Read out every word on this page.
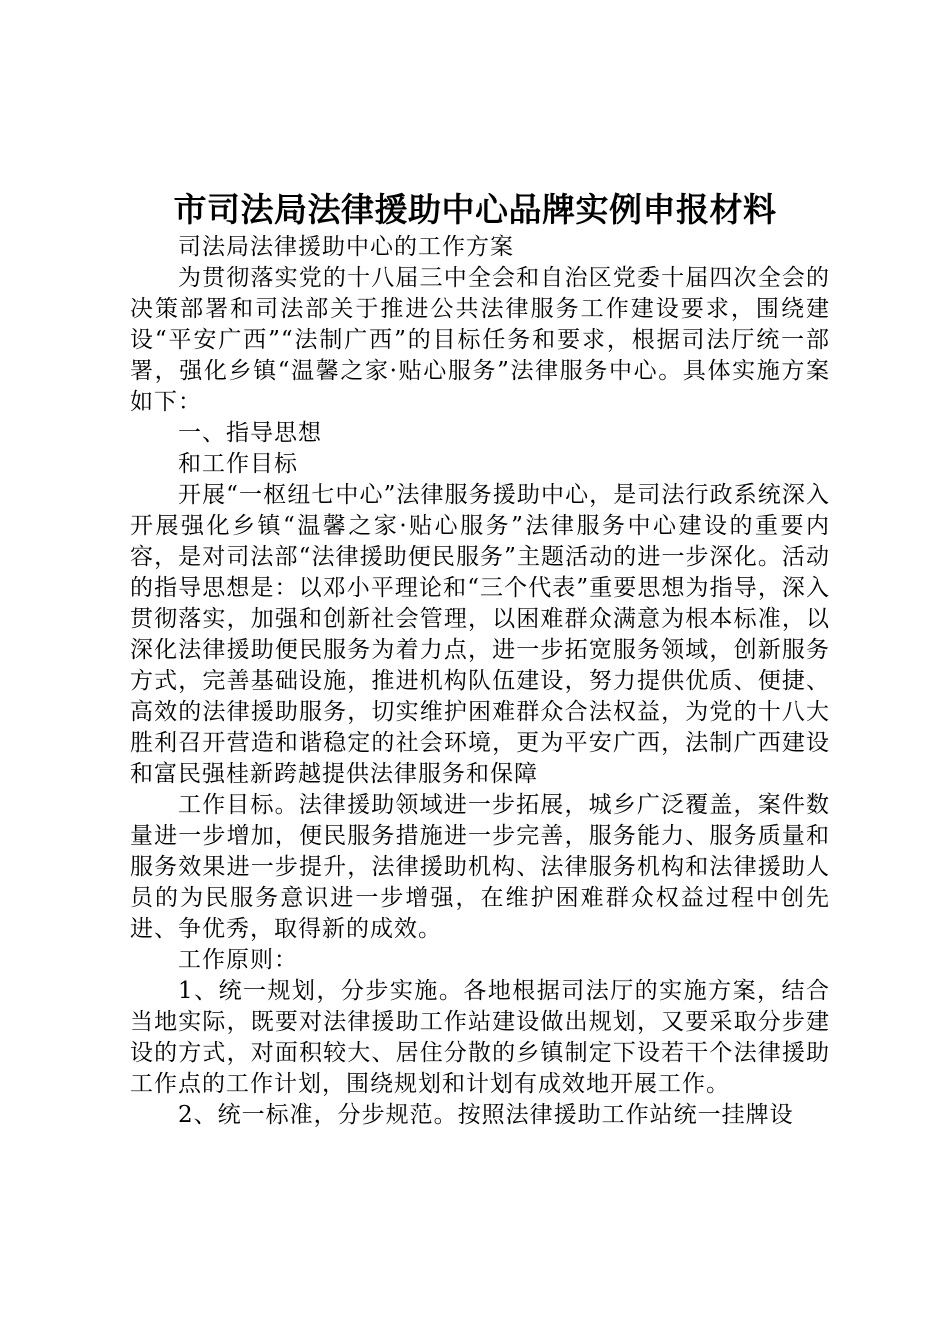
市司法局法律援助中心品牌实例申报材料

司法局法律援助中心的工作方案

为贯彻落实党的十八届三中全会和自治区党委十届四次全会的决策部署和司法部关于推进公共法律服务工作建设要求，围绕建设“平安广西”“法制广西”的目标任务和要求，根据司法厅统一部署，强化乡镇“温馨之家·贴心服务”法律服务中心。具体实施方案如下：

一、指导思想

和工作目标

开展“一枢纽七中心”法律服务援助中心，是司法行政系统深入开展强化乡镇“温馨之家·贴心服务”法律服务中心建设的重要内容，是对司法部“法律援助便民服务”主题活动的进一步深化。活动的指导思想是：以邓小平理论和“三个代表”重要思想为指导，深入贯彻落实，加强和创新社会管理，以困难群众满意为根本标准，以深化法律援助便民服务为着力点，进一步拓宽服务领域，创新服务方式，完善基础设施，推进机构队伍建设，努力提供优质、便捷、高效的法律援助服务，切实维护困难群众合法权益，为党的十八大胜利召开营造和谐稳定的社会环境，更为平安广西，法制广西建设和富民强桂新跨越提供法律服务和保障

工作目标。法律援助领域进一步拓展，城乡广泛覆盖，案件数量进一步增加，便民服务措施进一步完善，服务能力、服务质量和服务效果进一步提升，法律援助机构、法律服务机构和法律援助人员的为民服务意识进一步增强，在维护困难群众权益过程中创先进、争优秀，取得新的成效。

工作原则：

1、统一规划，分步实施。各地根据司法厅的实施方案，结合当地实际，既要对法律援助工作站建设做出规划，又要采取分步建设的方式，对面积较大、居住分散的乡镇制定下设若干个法律援助工作点的工作计划，围绕规划和计划有成效地开展工作。

2、统一标准，分步规范。按照法律援助工作站统一挂牌设
